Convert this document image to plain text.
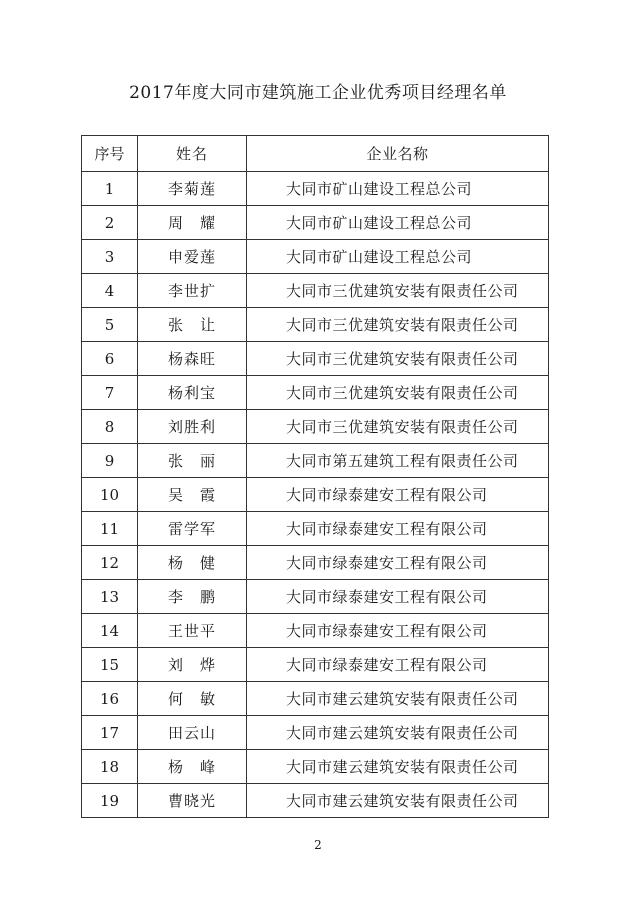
2017年度大同市建筑施工企业优秀项目经理名单
序号	姓名	企业名称
1	李菊莲	大同市矿山建设工程总公司
2	周　耀	大同市矿山建设工程总公司
3	申爱莲	大同市矿山建设工程总公司
4	李世扩	大同市三优建筑安装有限责任公司
5	张　让	大同市三优建筑安装有限责任公司
6	杨森旺	大同市三优建筑安装有限责任公司
7	杨利宝	大同市三优建筑安装有限责任公司
8	刘胜利	大同市三优建筑安装有限责任公司
9	张　丽	大同市第五建筑工程有限责任公司
10	吴　霞	大同市绿泰建安工程有限公司
11	雷学军	大同市绿泰建安工程有限公司
12	杨　健	大同市绿泰建安工程有限公司
13	李　鹏	大同市绿泰建安工程有限公司
14	王世平	大同市绿泰建安工程有限公司
15	刘　烨	大同市绿泰建安工程有限公司
16	何　敏	大同市建云建筑安装有限责任公司
17	田云山	大同市建云建筑安装有限责任公司
18	杨　峰	大同市建云建筑安装有限责任公司
19	曹晓光	大同市建云建筑安装有限责任公司
2
